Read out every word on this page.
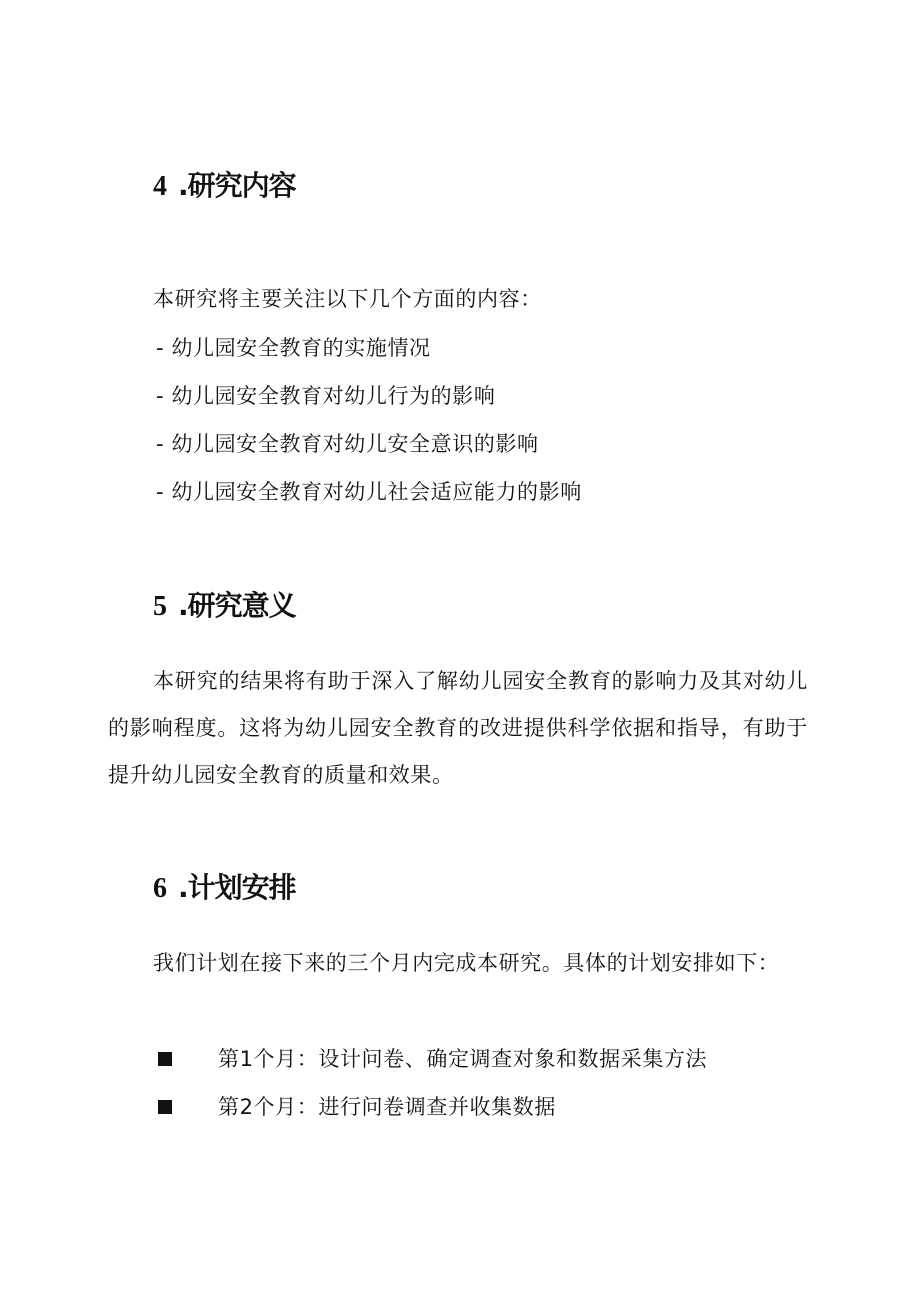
4 .研究内容
本研究将主要关注以下几个方面的内容：
- 幼儿园安全教育的实施情况
- 幼儿园安全教育对幼儿行为的影响
- 幼儿园安全教育对幼儿安全意识的影响
- 幼儿园安全教育对幼儿社会适应能力的影响
5 .研究意义

本研究的结果将有助于深入了解幼儿园安全教育的影响力及其对幼儿的影响程度。这将为幼儿园安全教育的改进提供科学依据和指导，有助于提升幼儿园安全教育的质量和效果。

6 .计划安排

我们计划在接下来的三个月内完成本研究。具体的计划安排如下：

第1个月：设计问卷、确定调查对象和数据采集方法
第2个月：进行问卷调查并收集数据
